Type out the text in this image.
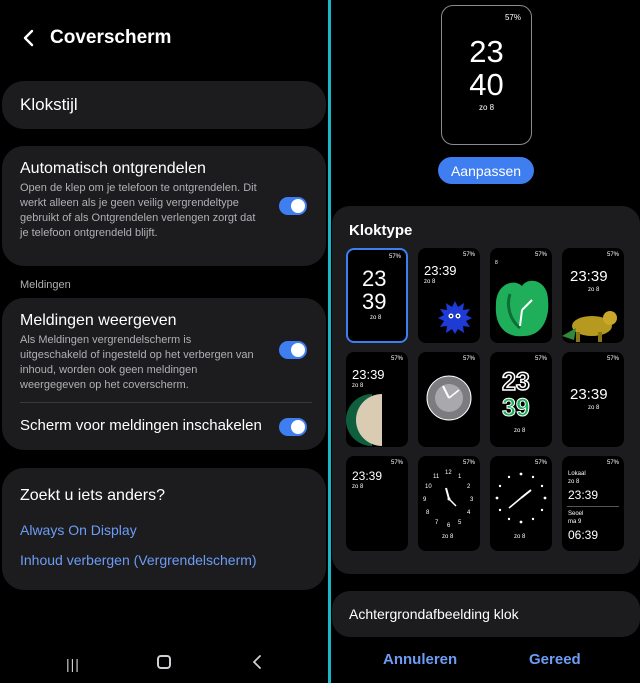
Coverscherm
Klokstijl
Automatisch ontgrendelen
Open de klep om je telefoon te ontgrendelen. Dit werkt alleen als je geen veilig vergrendeltype gebruikt of als Ontgrendelen verlengen zorgt dat je telefoon ontgrendeld blijft.
Meldingen
Meldingen weergeven
Als Meldingen vergrendelscherm is uitgeschakeld of ingesteld op het verbergen van inhoud, worden ook geen meldingen weergegeven op het coverscherm.
Scherm voor meldingen inschakelen
Zoekt u iets anders?
Always On Display
Inhoud verbergen (Vergrendelscherm)
|||
57%
23
40
zo 8
Aanpassen
Kloktype
57%
23
39
zo 8
57%
23:39
zo 8
57%
8
57%
23:39
zo 8
57%
23:39
zo 8
57%	57%
23
39
zo 8
57%
23:39
zo 8
57%
23:39
zo 8
57%
12
1
2
3
4
5
6
7
8
9
10
11
zo 8
57%
zo 8
57%
Lokaal
zo 8
23:39
Seoel
ma 9
06:39
Achtergrondafbeelding klok
Annuleren	Gereed
